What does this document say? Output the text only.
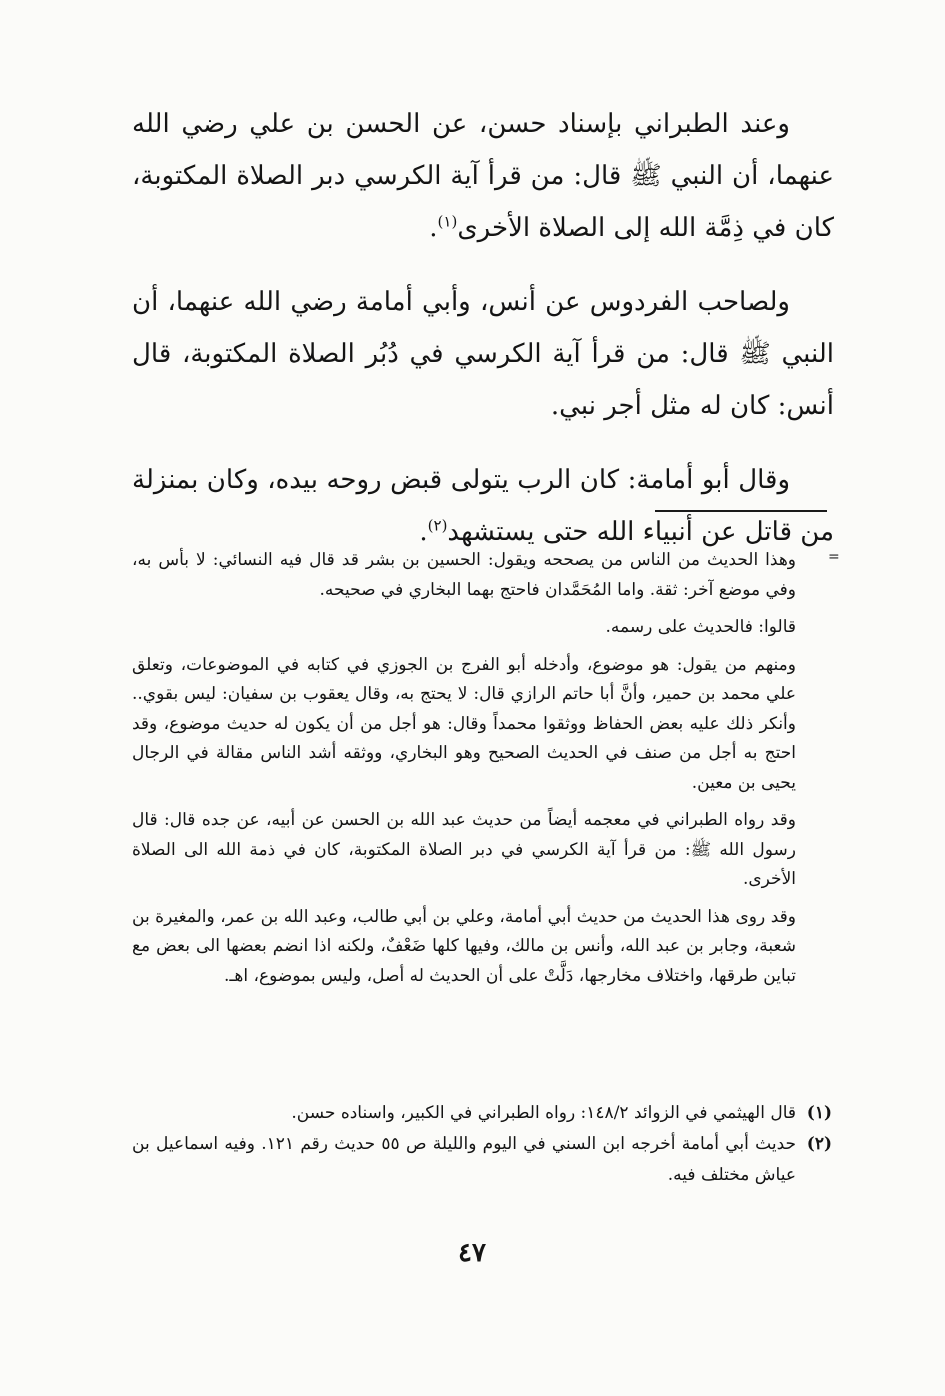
وعند الطبراني بإسناد حسن، عن الحسن بن علي رضي الله عنهما، أن النبي ﷺ قال: من قرأ آية الكرسي دبر الصلاة المكتوبة، كان في ذِمَّة الله إلى الصلاة الأخرى$^{(١)}$.

ولصاحب الفردوس عن أنس، وأبي أمامة رضي الله عنهما، أن النبي ﷺ قال: من قرأ آية الكرسي في دُبُر الصلاة المكتوبة، قال أنس: كان له مثل أجر نبي.

وقال أبو أمامة: كان الرب يتولى قبض روحه بيده، وكان بمنزلة من قاتل عن أنبياء الله حتى يستشهد$^{(٢)}$.

=

وهذا الحديث من الناس من يصححه ويقول: الحسين بن بشر قد قال فيه النسائي: لا بأس به، وفي موضع آخر: ثقة. واما المُحَمَّدان فاحتج بهما البخاري في صحيحه.

قالوا: فالحديث على رسمه.

ومنهم من يقول: هو موضوع، وأدخله أبو الفرج بن الجوزي في كتابه في الموضوعات، وتعلق علي محمد بن حمير، وأنَّ أبا حاتم الرازي قال: لا يحتج به، وقال يعقوب بن سفيان: ليس بقوي.. وأنكر ذلك عليه بعض الحفاظ ووثقوا محمداً وقال: هو أجل من أن يكون له حديث موضوع، وقد احتج به أجل من صنف في الحديث الصحيح وهو البخاري، ووثقه أشد الناس مقالة في الرجال يحيى بن معين.

وقد رواه الطبراني في معجمه أيضاً من حديث عبد الله بن الحسن عن أبيه، عن جده قال: قال رسول الله ﷺ: من قرأ آية الكرسي في دبر الصلاة المكتوبة، كان في ذمة الله الى الصلاة الأخرى.

وقد روى هذا الحديث من حديث أبي أمامة، وعلي بن أبي طالب، وعبد الله بن عمر، والمغيرة بن شعبة، وجابر بن عبد الله، وأنس بن مالك، وفيها كلها ضَعْفٌ، ولكنه اذا انضم بعضها الى بعض مع تباين طرقها، واختلاف مخارجها، دَلَّتْ على أن الحديث له أصل، وليس بموضوع، اهـ.

(١)
قال الهيثمي في الزوائد ١٤٨/٢: رواه الطبراني في الكبير، واسناده حسن.

(٢)
حديث أبي أمامة أخرجه ابن السني في اليوم والليلة ص ٥٥ حديث رقم ١٢١. وفيه اسماعيل بن عياش مختلف فيه.

٤٧
